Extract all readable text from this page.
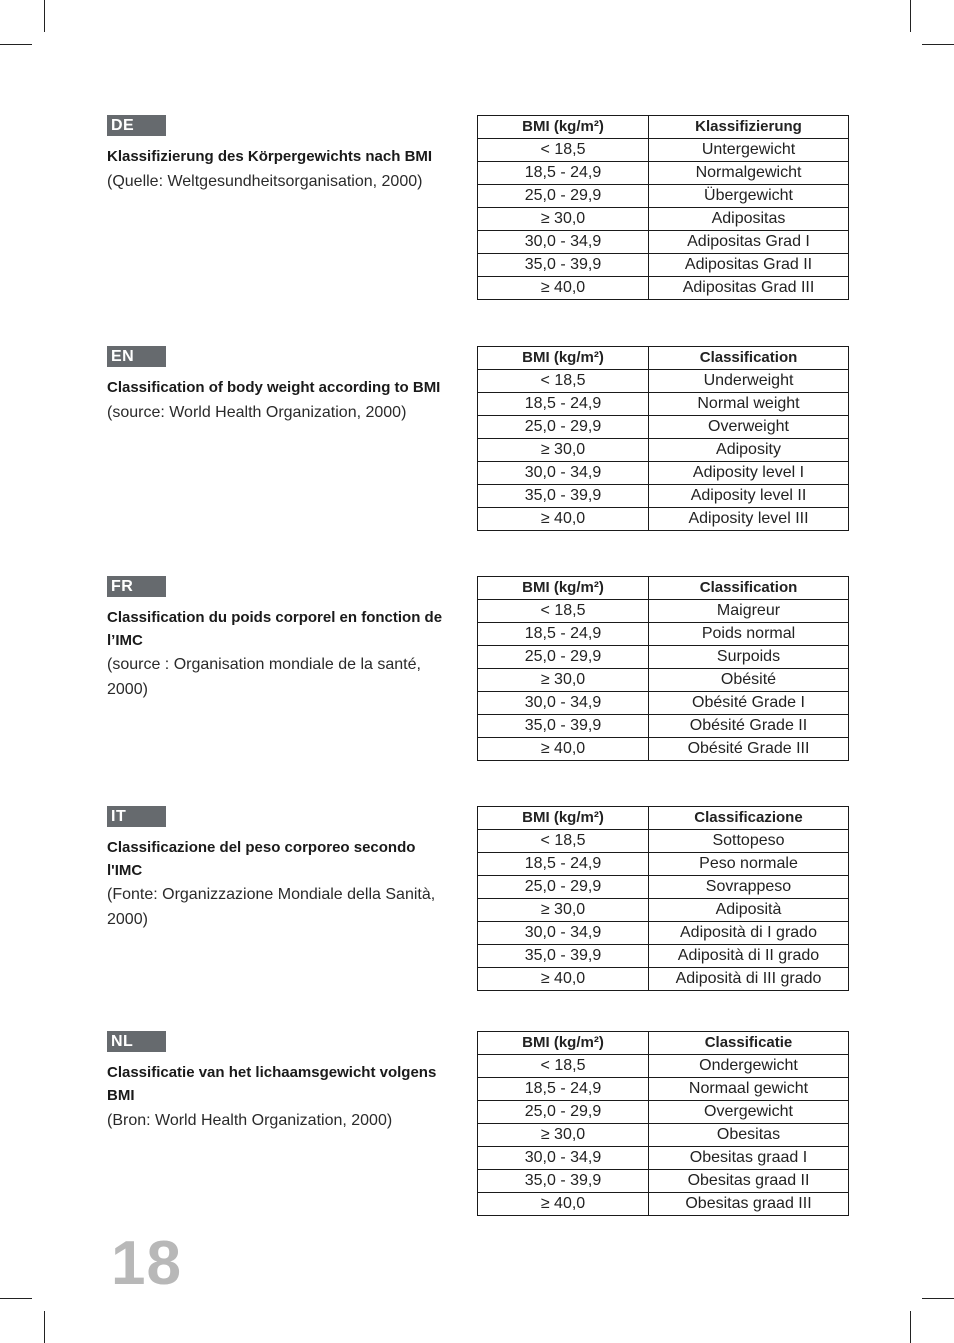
DE
Klassifizierung des Körpergewichts nach BMI
(Quelle: Weltgesundheitsorganisation, 2000)
BMI (kg/m²)	Klassifizierung
< 18,5	Untergewicht
18,5 - 24,9	Normalgewicht
25,0 - 29,9	Übergewicht
≥ 30,0	Adipositas
30,0 - 34,9	Adipositas Grad I
35,0 - 39,9	Adipositas Grad II
≥ 40,0	Adipositas Grad III
EN
Classification of body weight according to BMI
(source: World Health Organization, 2000)
BMI (kg/m²)	Classification
< 18,5	Underweight
18,5 - 24,9	Normal weight
25,0 - 29,9	Overweight
≥ 30,0	Adiposity
30,0 - 34,9	Adiposity level I
35,0 - 39,9	Adiposity level II
≥ 40,0	Adiposity level III
FR
Classification du poids corporel en fonction de
l’IMC
(source : Organisation mondiale de la santé,
2000)
BMI (kg/m²)	Classification
< 18,5	Maigreur
18,5 - 24,9	Poids normal
25,0 - 29,9	Surpoids
≥ 30,0	Obésité
30,0 - 34,9	Obésité Grade I
35,0 - 39,9	Obésité Grade II
≥ 40,0	Obésité Grade III
IT
Classificazione del peso corporeo secondo
l'IMC
(Fonte: Organizzazione Mondiale della Sanità,
2000)
BMI (kg/m²)	Classificazione
< 18,5	Sottopeso
18,5 - 24,9	Peso normale
25,0 - 29,9	Sovrappeso
≥ 30,0	Adiposità
30,0 - 34,9	Adiposità di I grado
35,0 - 39,9	Adiposità di II grado
≥ 40,0	Adiposità di III grado
NL
Classificatie van het lichaamsgewicht volgens
BMI
(Bron: World Health Organization, 2000)
BMI (kg/m²)	Classificatie
< 18,5	Ondergewicht
18,5 - 24,9	Normaal gewicht
25,0 - 29,9	Overgewicht
≥ 30,0	Obesitas
30,0 - 34,9	Obesitas graad I
35,0 - 39,9	Obesitas graad II
≥ 40,0	Obesitas graad III
18
